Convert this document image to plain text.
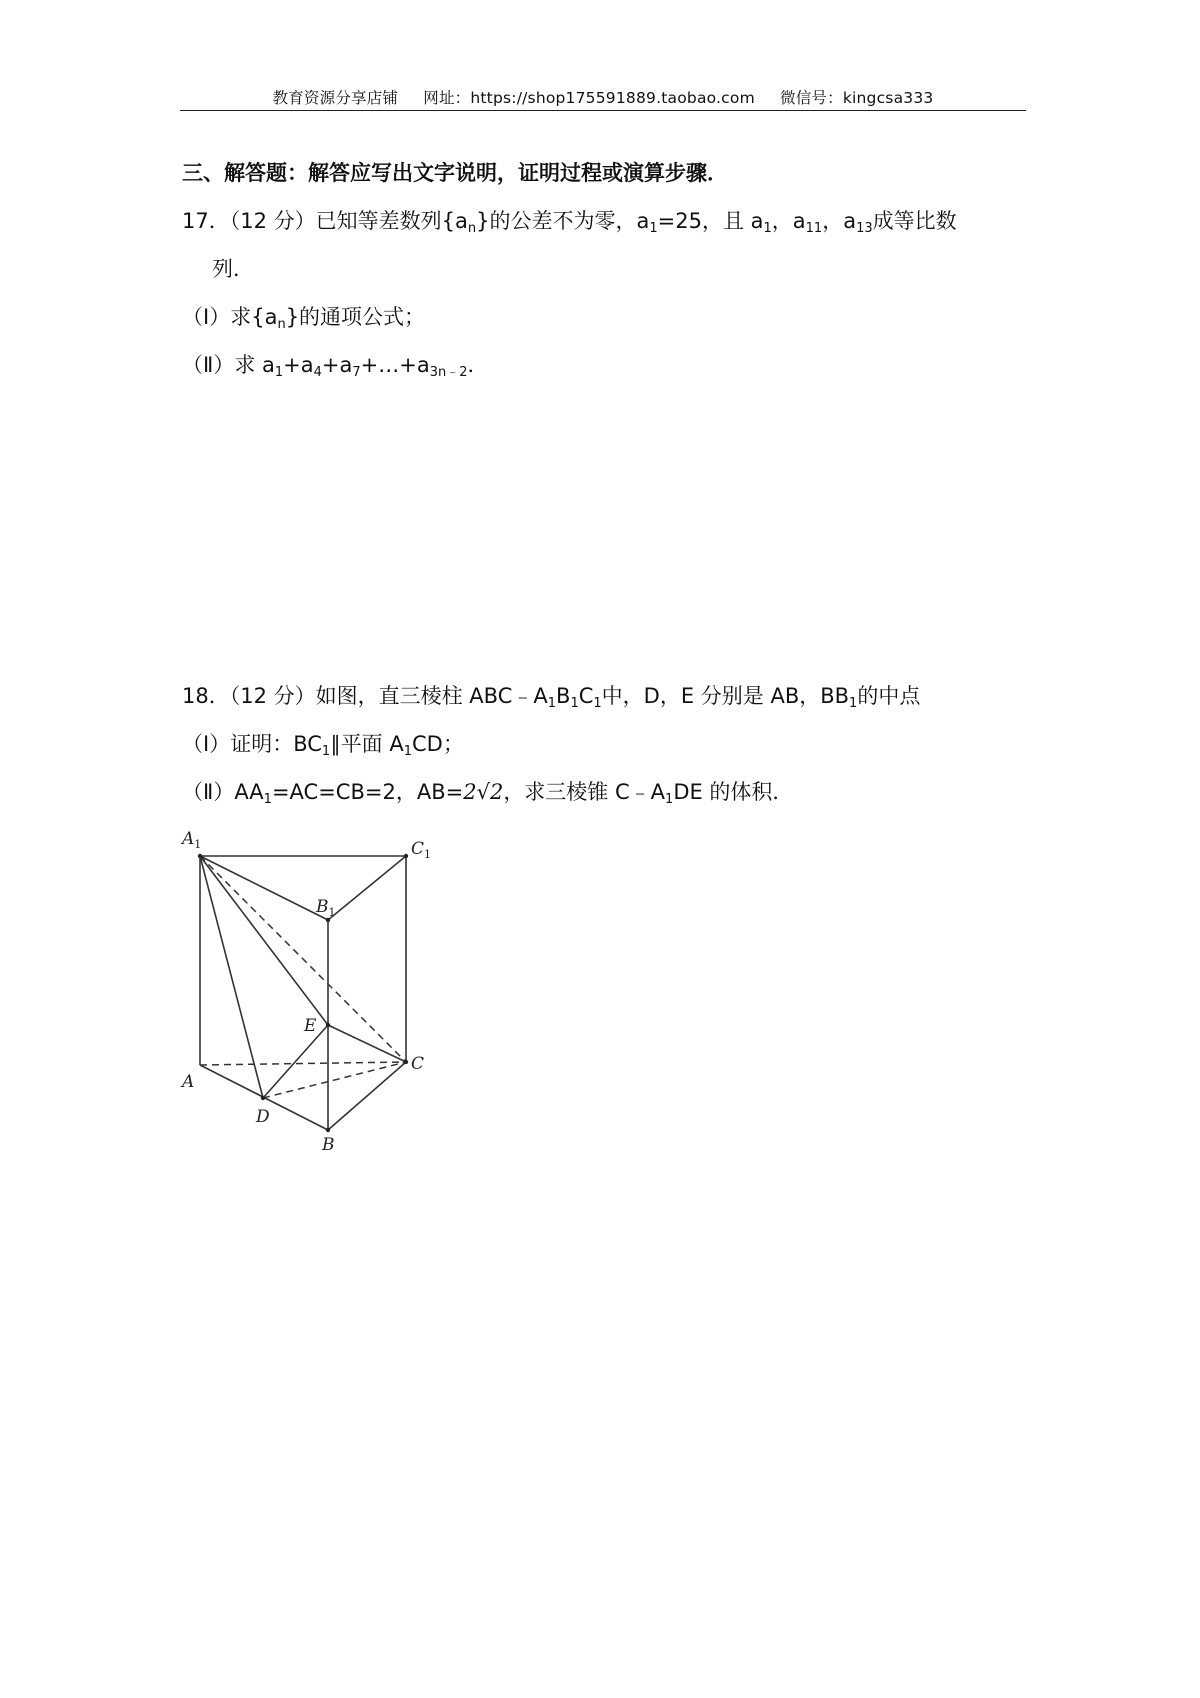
教育资源分享店铺 网址：https://shop175591889.taobao.com 微信号：kingcsa333
三、解答题：解答应写出文字说明，证明过程或演算步骤．
17．（12 分）已知等差数列$\{a_n\}$的公差不为零，$a_1=25$，且 $a_1$，$a_{11}$，$a_{13}$成等比数
列．
（Ⅰ）求$\{a_n\}$的通项公式；
（Ⅱ）求 $a_1+a_4+a_7+\dots+a_{3n﹣2}$．
18．（12 分）如图，直三棱柱 $ABC﹣A_1B_1C_1$中，D，E 分别是 AB，$BB_1$的中点
（Ⅰ）证明：$BC_1\parallel$平面 $A_1CD$；
$(Ⅱ)AA_1=AC=CB=2$，AB=2√2，求三棱锥 $C﹣A_1DE$ 的体积．
$A_1$	$C_1$
$B_1$
E
A
C
D
B
